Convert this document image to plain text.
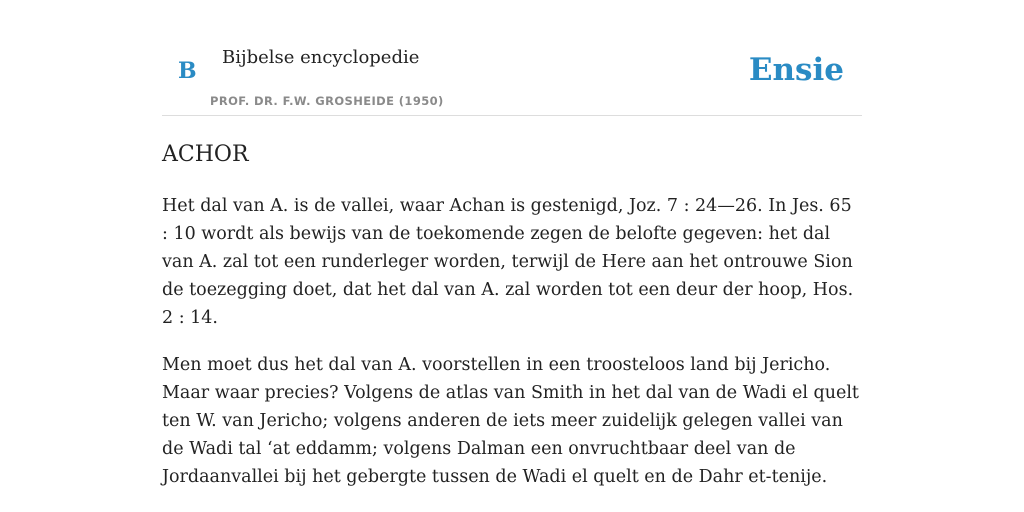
B
Bijbelse encyclopedie
PROF. DR. F.W. GROSHEIDE (1950)
Ensie
ACHOR

Het dal van A. is de vallei, waar Achan is gestenigd, Joz. 7 : 24—26. In Jes. 65 : 10 wordt als bewijs van de toekomende zegen de belofte gegeven: het dal van A. zal tot een runderleger worden, terwijl de Here aan het ontrouwe Sion de toezegging doet, dat het dal van A. zal worden tot een deur der hoop, Hos. 2 : 14.

Men moet dus het dal van A. voorstellen in een troosteloos land bij Jericho. Maar waar precies? Volgens de atlas van Smith in het dal van de Wadi el quelt ten W. van Jericho; volgens anderen de iets meer zuidelijk gelegen vallei van de Wadi tal ‘at eddamm; volgens Dalman een onvruchtbaar deel van de Jordaanvallei bij het gebergte tussen de Wadi el quelt en de Dahr et-tenije.
